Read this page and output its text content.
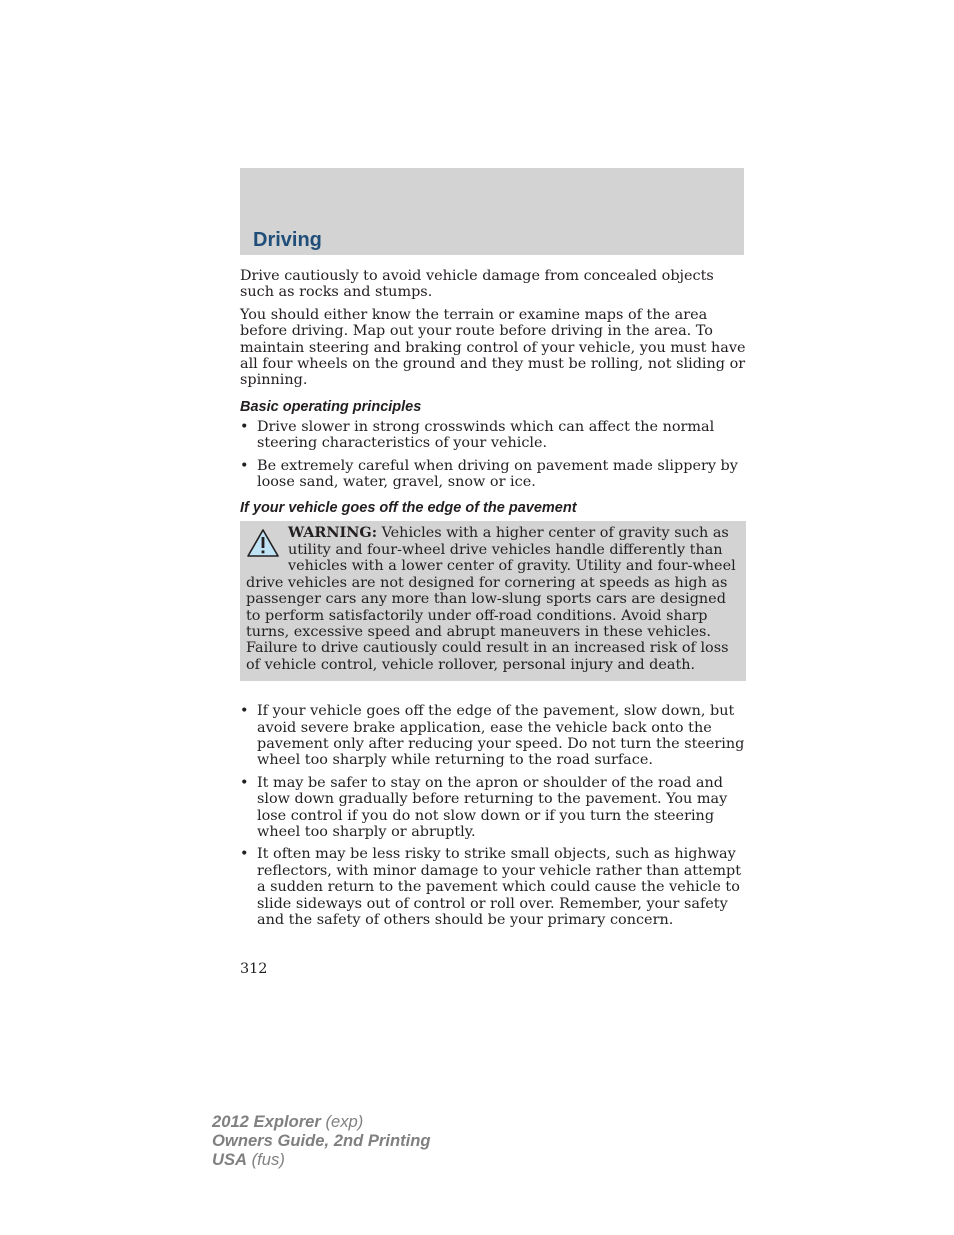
Driving

Drive cautiously to avoid vehicle damage from concealed objects such as rocks and stumps.

You should either know the terrain or examine maps of the area before driving. Map out your route before driving in the area. To maintain steering and braking control of your vehicle, you must have all four wheels on the ground and they must be rolling, not sliding or spinning.

Basic operating principles
• Drive slower in strong crosswinds which can affect the normal steering characteristics of your vehicle.
• Be extremely careful when driving on pavement made slippery by loose sand, water, gravel, snow or ice.
If your vehicle goes off the edge of the pavement
WARNING: Vehicles with a higher center of gravity such as utility and four-wheel drive vehicles handle differently than vehicles with a lower center of gravity. Utility and four-wheel drive vehicles are not designed for cornering at speeds as high as passenger cars any more than low-slung sports cars are designed to perform satisfactorily under off-road conditions. Avoid sharp turns, excessive speed and abrupt maneuvers in these vehicles. Failure to drive cautiously could result in an increased risk of loss of vehicle control, vehicle rollover, personal injury and death.
• If your vehicle goes off the edge of the pavement, slow down, but avoid severe brake application, ease the vehicle back onto the pavement only after reducing your speed. Do not turn the steering wheel too sharply while returning to the road surface.
• It may be safer to stay on the apron or shoulder of the road and slow down gradually before returning to the pavement. You may lose control if you do not slow down or if you turn the steering wheel too sharply or abruptly.
• It often may be less risky to strike small objects, such as highway reflectors, with minor damage to your vehicle rather than attempt a sudden return to the pavement which could cause the vehicle to slide sideways out of control or roll over. Remember, your safety and the safety of others should be your primary concern.
312
2012 Explorer (exp)
Owners Guide, 2nd Printing
USA (fus)
